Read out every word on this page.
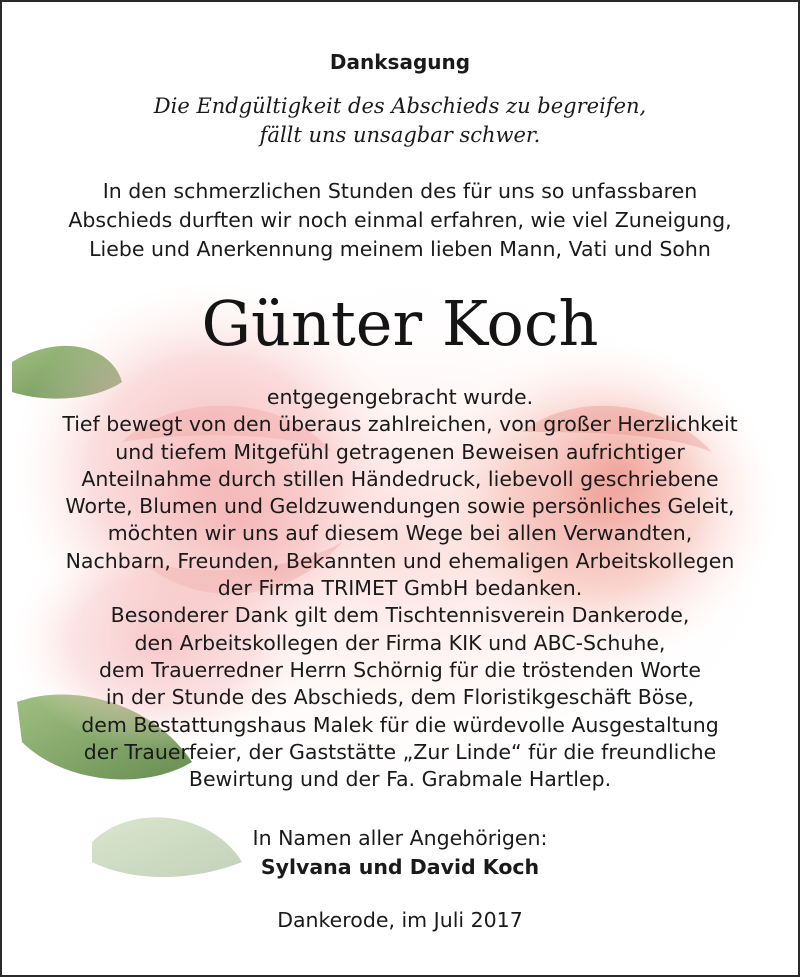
Danksagung
Die Endgültigkeit des Abschieds zu begreifen,
fällt uns unsagbar schwer.
In den schmerzlichen Stunden des für uns so unfassbaren
Abschieds durften wir noch einmal erfahren, wie viel Zuneigung,
Liebe und Anerkennung meinem lieben Mann, Vati und Sohn
Günter Koch
entgegengebracht wurde.
Tief bewegt von den überaus zahlreichen, von großer Herzlichkeit
und tiefem Mitgefühl getragenen Beweisen aufrichtiger
Anteilnahme durch stillen Händedruck, liebevoll geschriebene
Worte, Blumen und Geldzuwendungen sowie persönliches Geleit,
möchten wir uns auf diesem Wege bei allen Verwandten,
Nachbarn, Freunden, Bekannten und ehemaligen Arbeitskollegen
der Firma TRIMET GmbH bedanken.
Besonderer Dank gilt dem Tischtennisverein Dankerode,
den Arbeitskollegen der Firma KIK und ABC-Schuhe,
dem Trauerredner Herrn Schörnig für die tröstenden Worte
in der Stunde des Abschieds, dem Floristikgeschäft Böse,
dem Bestattungshaus Malek für die würdevolle Ausgestaltung
der Trauerfeier, der Gaststätte „Zur Linde“ für die freundliche
Bewirtung und der Fa. Grabmale Hartlep.
In Namen aller Angehörigen:
Sylvana und David Koch
Dankerode, im Juli 2017
